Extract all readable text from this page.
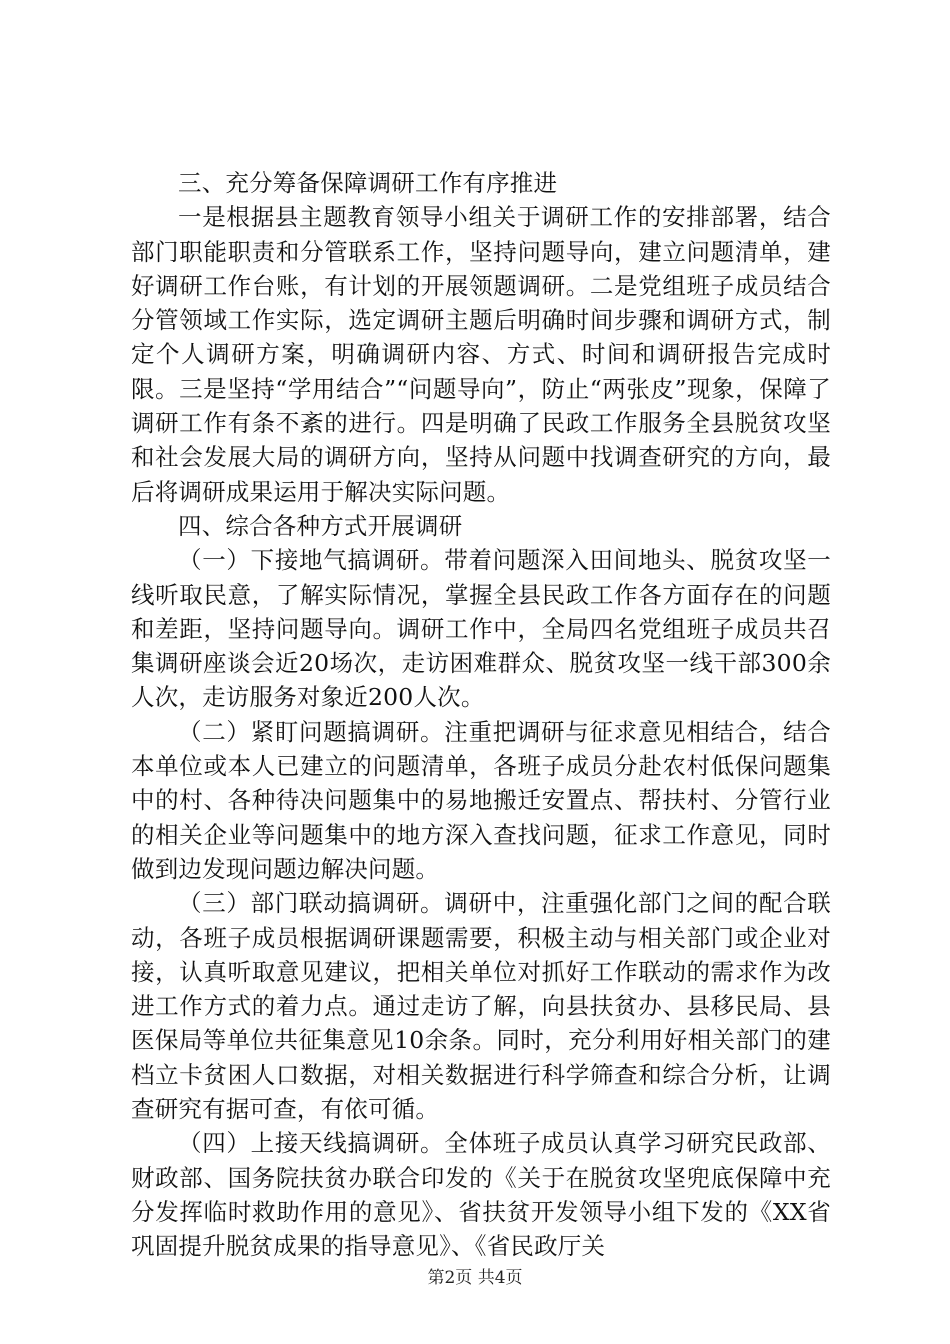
三、充分筹备保障调研工作有序推进

一是根据县主题教育领导小组关于调研工作的安排部署，结合部门职能职责和分管联系工作，坚持问题导向，建立问题清单，建好调研工作台账，有计划的开展领题调研。二是党组班子成员结合分管领域工作实际，选定调研主题后明确时间步骤和调研方式，制定个人调研方案，明确调研内容、方式、时间和调研报告完成时限。三是坚持“学用结合”“问题导向”，防止“两张皮”现象，保障了调研工作有条不紊的进行。四是明确了民政工作服务全县脱贫攻坚和社会发展大局的调研方向，坚持从问题中找调查研究的方向，最后将调研成果运用于解决实际问题。

四、综合各种方式开展调研

（一）下接地气搞调研。带着问题深入田间地头、脱贫攻坚一线听取民意，了解实际情况，掌握全县民政工作各方面存在的问题和差距，坚持问题导向。调研工作中，全局四名党组班子成员共召集调研座谈会近20场次，走访困难群众、脱贫攻坚一线干部300余人次，走访服务对象近200人次。

（二）紧盯问题搞调研。注重把调研与征求意见相结合，结合本单位或本人已建立的问题清单，各班子成员分赴农村低保问题集中的村、各种待决问题集中的易地搬迁安置点、帮扶村、分管行业的相关企业等问题集中的地方深入查找问题，征求工作意见，同时做到边发现问题边解决问题。

（三）部门联动搞调研。调研中，注重强化部门之间的配合联动，各班子成员根据调研课题需要，积极主动与相关部门或企业对接，认真听取意见建议，把相关单位对抓好工作联动的需求作为改进工作方式的着力点。通过走访了解，向县扶贫办、县移民局、县医保局等单位共征集意见10余条。同时，充分利用好相关部门的建档立卡贫困人口数据，对相关数据进行科学筛查和综合分析，让调查研究有据可查，有依可循。

（四）上接天线搞调研。全体班子成员认真学习研究民政部、财政部、国务院扶贫办联合印发的《关于在脱贫攻坚兜底保障中充分发挥临时救助作用的意见》、省扶贫开发领导小组下发的《XX省巩固提升脱贫成果的指导意见》、《省民政厅关

第2页 共4页
